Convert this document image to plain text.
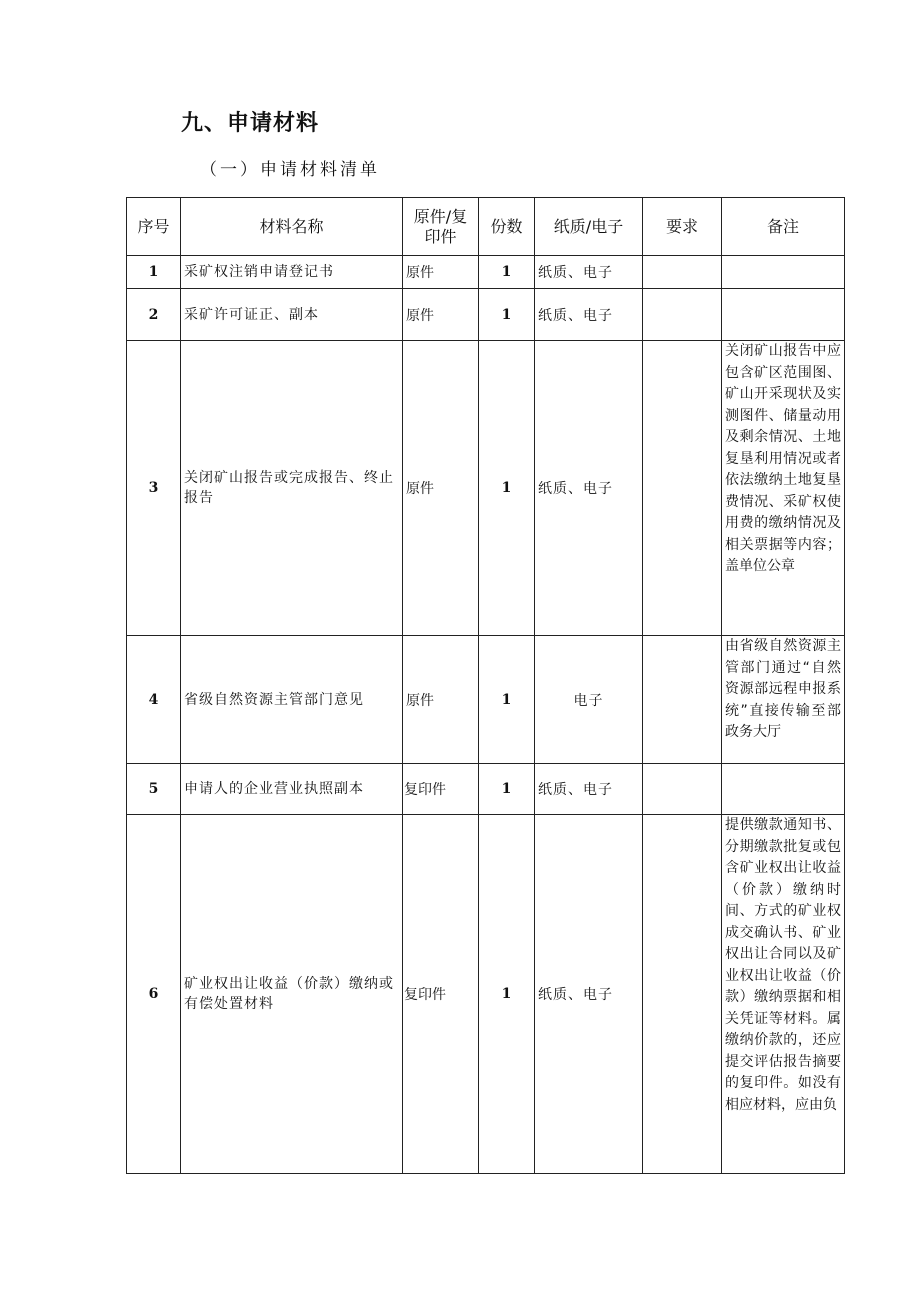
九、申请材料
（一）申请材料清单
序号	材料名称	原件/复印件	份数	纸质/电子	要求	备注
1	采矿权注销申请登记书	原件	1	纸质、电子		
2	采矿许可证正、副本	原件	1	纸质、电子		
3	关闭矿山报告或完成报告、终止报告	原件	1	纸质、电子		关闭矿山报告中应包含矿区范围图、矿山开采现状及实测图件、储量动用及剩余情况、土地复垦利用情况或者依法缴纳土地复垦费情况、采矿权使用费的缴纳情况及相关票据等内容；盖单位公章
4	省级自然资源主管部门意见	原件	1	电子		由省级自然资源主管部门通过“自然资源部远程申报系统”直接传输至部政务大厅
5	申请人的企业营业执照副本	复印件	1	纸质、电子		
6	矿业权出让收益（价款）缴纳或有偿处置材料	复印件	1	纸质、电子		提供缴款通知书、分期缴款批复或包含矿业权出让收益（价款）缴纳时间、方式的矿业权成交确认书、矿业权出让合同以及矿业权出让收益（价款）缴纳票据和相关凭证等材料。属缴纳价款的，还应提交评估报告摘要的复印件。如没有相应材料，应由负
